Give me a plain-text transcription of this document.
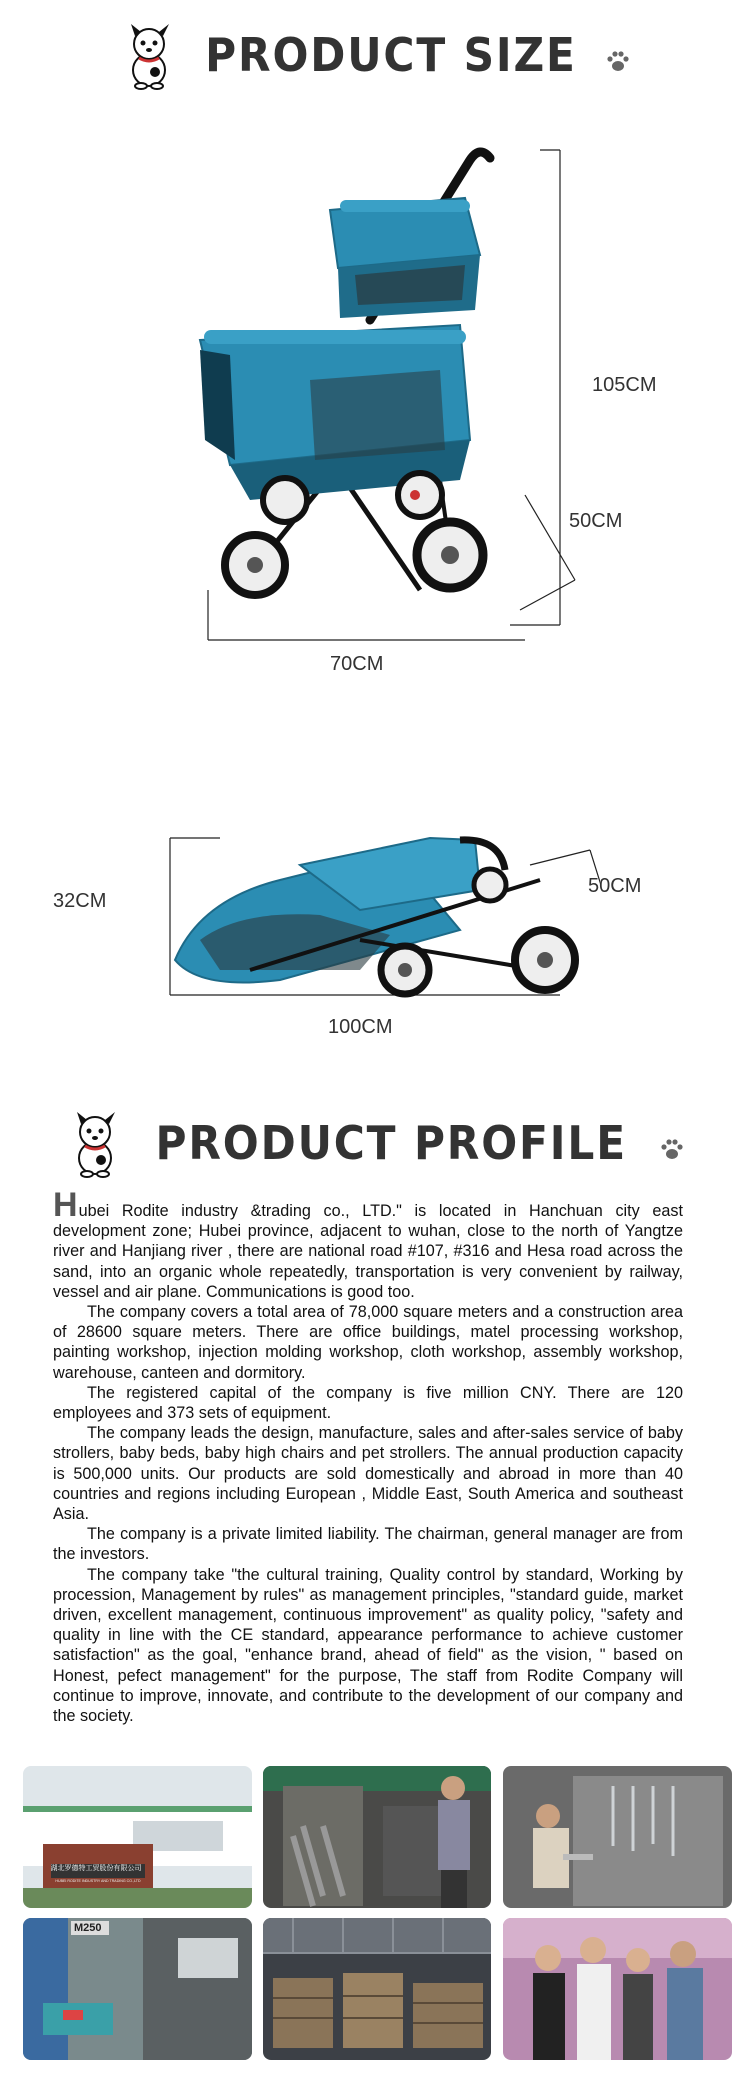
PRODUCT SIZE
105CM
50CM
70CM
32CM
50CM
100CM
PRODUCT PROFILE

Hubei Rodite industry &trading co., LTD." is located in Hanchuan city east development zone; Hubei province, adjacent to wuhan, close to the north of Yangtze river and Hanjiang river , there are national road #107, #316 and Hesa road across the sand, into an organic whole repeatedly, transportation is very convenient by railway, vessel and air plane. Communications is good too.

The company covers a total area of 78,000 square meters and a construction area of 28600 square meters. There are office buildings, matel processing workshop, painting workshop, injection molding workshop, cloth workshop, assembly workshop, warehouse, canteen and dormitory.

The registered capital of the company is five million CNY. There are 120 employees and 373 sets of equipment.

The company leads the design, manufacture, sales and after-sales service of baby strollers, baby beds, baby high chairs and pet strollers. The annual production capacity is 500,000 units. Our products are sold domestically and abroad in more than 40 countries and regions including European , Middle East, South America and southeast Asia.

The company is a private limited liability. The chairman, general manager are from the investors.

The company take "the cultural training, Quality control by standard, Working by procession, Management by rules" as management principles, "standard guide, market driven, excellent management, continuous improvement" as quality policy, "safety and quality in line with the CE standard, appearance performance to achieve customer satisfaction" as the goal, "enhance brand, ahead of field" as the vision, " based on Honest, pefect management" for the purpose, The staff from Rodite Company will continue to improve, innovate, and contribute to the development of our company and the society.

湖北罗德特工贸股份有限公司
HUBEI RODITE INDUSTRY AND TRADING CO.,LTD
M250
